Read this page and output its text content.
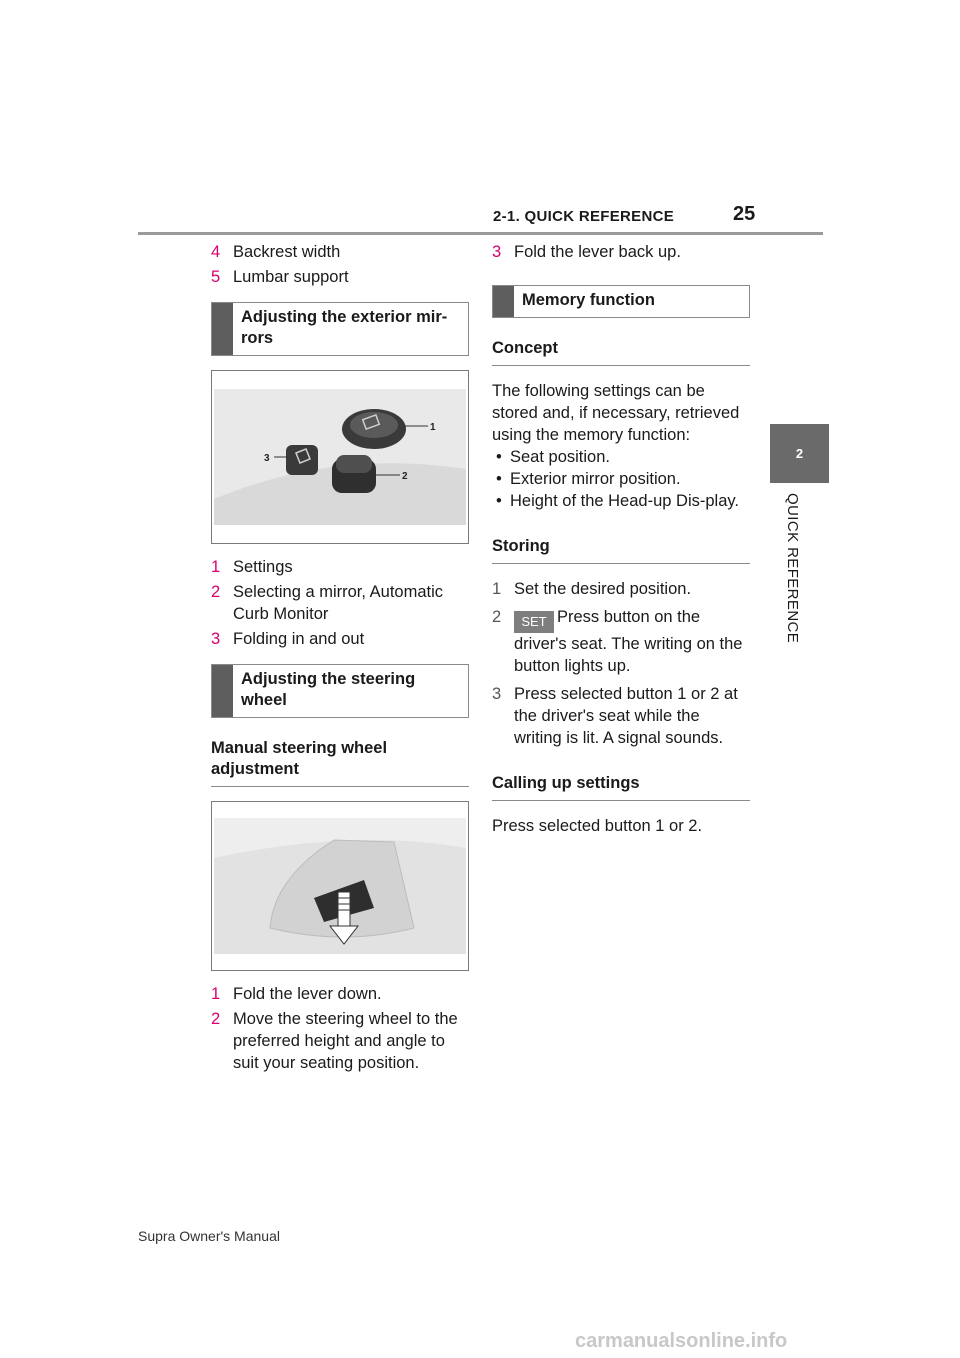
2-1. QUICK REFERENCE	25
2
QUICK REFERENCE
4 Backrest width
5 Lumbar support
Adjusting the exterior mir-rors
1
2
3
1 Settings
2 Selecting a mirror, Automatic Curb Monitor
3 Folding in and out
Adjusting the steering wheel
Manual steering wheel adjustment
1 Fold the lever down.
2 Move the steering wheel to the preferred height and angle to suit your seating position.
3 Fold the lever back up.
Memory function
Concept
The following settings can be stored and, if necessary, retrieved using the memory function:
• Seat position.
• Exterior mirror position.
• Height of the Head-up Dis-play.
Storing
1 Set the desired position.
2	SET Press button on the driver's seat. The writing on the button lights up.
3 Press selected button 1 or 2 at the driver's seat while the writing is lit. A signal sounds.
Calling up settings
Press selected button 1 or 2.
Supra Owner's Manual
carmanualsonline.info
